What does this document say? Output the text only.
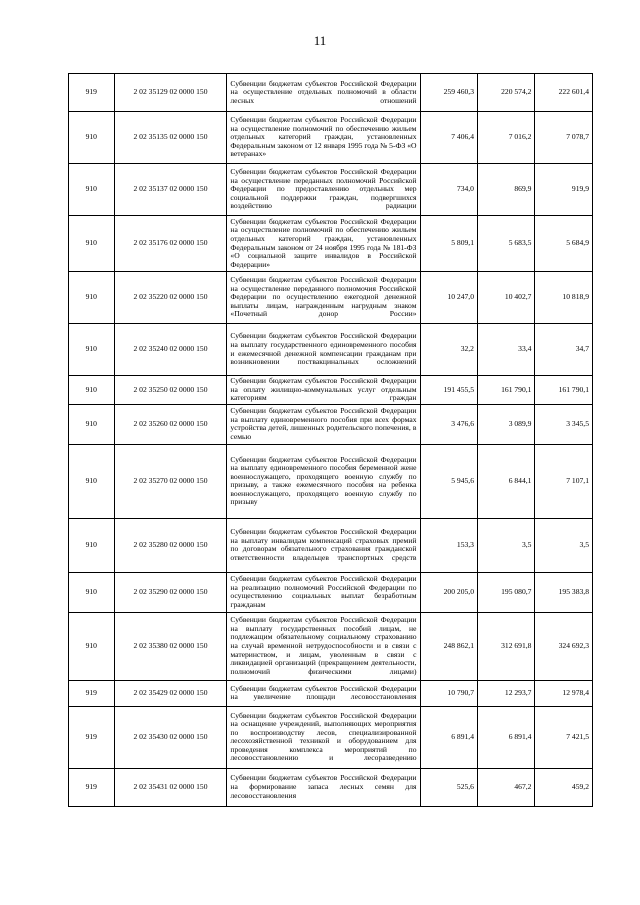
11
919	2 02 35129 02 0000 150	Субвенции бюджетам субъектов Российской Федерации на осуществление отдельных полномочий в области лесных отношений	259 460,3	220 574,2	222 601,4
910	2 02 35135 02 0000 150	Субвенции бюджетам субъектов Российской Федерации на осуществление полномочий по обеспечению жильем отдельных категорий граждан, установленных Федеральным законом от 12 января 1995 года № 5-ФЗ «О ветеранах»	7 406,4	7 016,2	7 078,7
910	2 02 35137 02 0000 150	Субвенции бюджетам субъектов Российской Федерации на осуществление переданных полномочий Российской Федерации по предоставлению отдельных мер социальной поддержки граждан, подвергшихся воздействию радиации	734,0	869,9	919,9
910	2 02 35176 02 0000 150	Субвенции бюджетам субъектов Российской Федерации на осуществление полномочий по обеспечению жильем отдельных категорий граждан, установленных Федеральным законом от 24 ноября 1995 года № 181-ФЗ «О социальной защите инвалидов в Российской Федерации»	5 809,1	5 683,5	5 684,9
910	2 02 35220 02 0000 150	Субвенции бюджетам субъектов Российской Федерации на осуществление переданного полномочия Российской Федерации по осуществлению ежегодной денежной выплаты лицам, награжденным нагрудным знаком «Почетный донор России»	10 247,0	10 402,7	10 818,9
910	2 02 35240 02 0000 150	Субвенции бюджетам субъектов Российской Федерации на выплату государственного единовременного пособия и ежемесячной денежной компенсации гражданам при возникновении поствакцинальных осложнений	32,2	33,4	34,7
910	2 02 35250 02 0000 150	Субвенции бюджетам субъектов Российской Федерации на оплату жилищно-коммунальных услуг отдельным категориям граждан	191 455,5	161 790,1	161 790,1
910	2 02 35260 02 0000 150	Субвенции бюджетам субъектов Российской Федерации на выплату единовременного пособия при всех формах устройства детей, лишенных родительского попечения, в семью	3 476,6	3 089,9	3 345,5
910	2 02 35270 02 0000 150	Субвенции бюджетам субъектов Российской Федерации на выплату единовременного пособия беременной жене военнослужащего, проходящего военную службу по призыву, а также ежемесячного пособия на ребенка военнослужащего, проходящего военную службу по призыву	5 945,6	6 844,1	7 107,1
910	2 02 35280 02 0000 150	Субвенции бюджетам субъектов Российской Федерации на выплату инвалидам компенсаций страховых премий по договорам обязательного страхования гражданской ответственности владельцев транспортных средств	153,3	3,5	3,5
910	2 02 35290 02 0000 150	Субвенции бюджетам субъектов Российской Федерации на реализацию полномочий Российской Федерации по осуществлению социальных выплат безработным гражданам	200 205,0	195 080,7	195 383,8
910	2 02 35380 02 0000 150	Субвенции бюджетам субъектов Российской Федерации на выплату государственных пособий лицам, не подлежащим обязательному социальному страхованию на случай временной нетрудоспособности и в связи с материнством, и лицам, уволенным в связи с ликвидацией организаций (прекращением деятельности, полномочий физическими лицами)	248 862,1	312 691,8	324 692,3
919	2 02 35429 02 0000 150	Субвенции бюджетам субъектов Российской Федерации на увеличение площади лесовосстановления	10 790,7	12 293,7	12 978,4
919	2 02 35430 02 0000 150	Субвенции бюджетам субъектов Российской Федерации на оснащение учреждений, выполняющих мероприятия по воспроизводству лесов, специализированной лесохозяйственной техникой и оборудованием для проведения комплекса мероприятий по лесовосстановлению и лесоразведению	6 891,4	6 891,4	7 421,5
919	2 02 35431 02 0000 150	Субвенции бюджетам субъектов Российской Федерации на формирование запаса лесных семян для лесовосстановления	525,6	467,2	459,2
